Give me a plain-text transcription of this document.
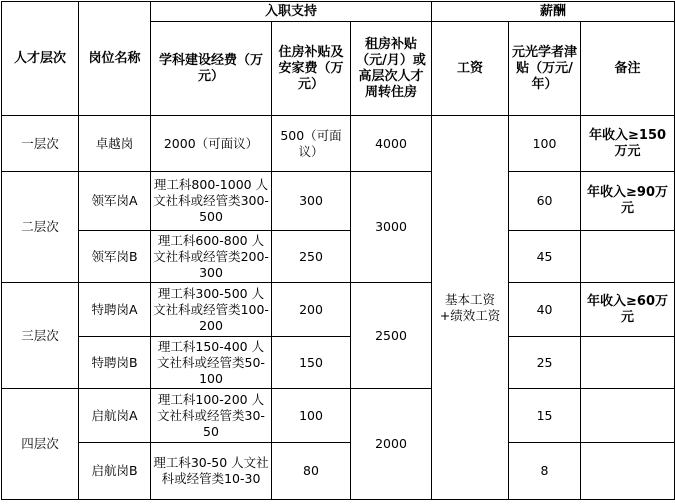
人才层次	岗位名称	入职支持			薪酬		
		学科建设经费（万元）	住房补贴及安家费（万元）	租房补贴（元/月）或高层次人才周转住房	工资	元光学者津贴（万元/年）	备注
一层次	卓越岗	2000（可面议）	500（可面议）	4000	基本工资+绩效工资	100	年收入≥150万元
二层次	领军岗A	理工科800-1000 人文社科或经管类300-500	300	3000		60	年收入≥90万元
	领军岗B	理工科600-800 人文社科或经管类200-300	250			45	
三层次	特聘岗A	理工科300-500 人文社科或经管类100-200	200	2500		40	年收入≥60万元
	特聘岗B	理工科150-400 人文社科或经管类50-100	150			25	
四层次	启航岗A	理工科100-200 人文社科或经管类30-50	100	2000		15	
	启航岗B	理工科30-50 人文社科或经管类10-30	80			8	
